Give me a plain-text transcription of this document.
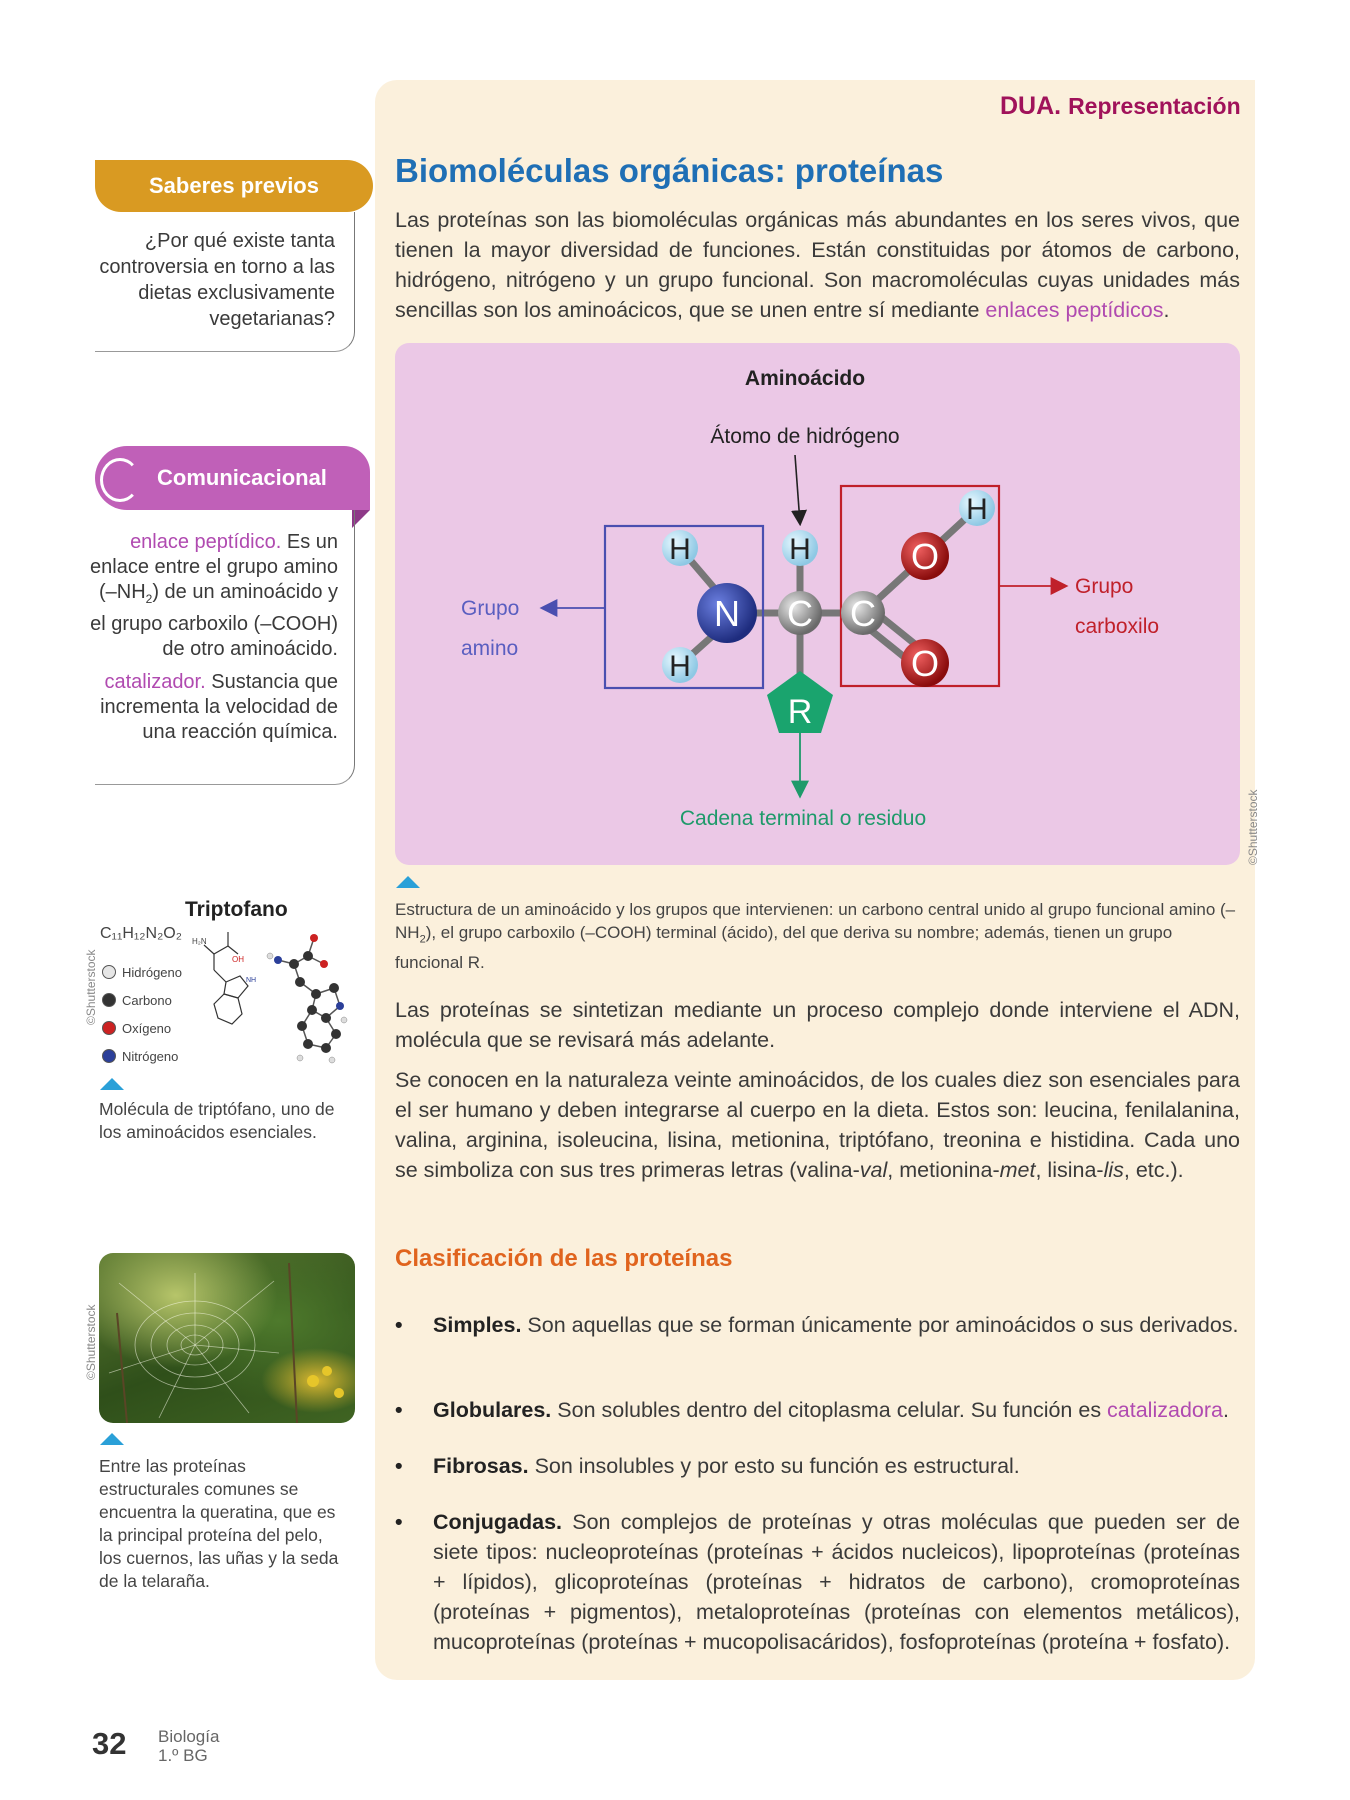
DUA. Representación
Saberes previos
¿Por qué existe tanta controversia en torno a las dietas exclusivamente vegetarianas?
Comunicacional

enlace peptídico. Es un enlace entre el grupo amino $(-NH_2)$ de un aminoácido y el grupo carboxilo (–COOH) de otro aminoácido.

catalizador. Sustancia que incrementa la velocidad de una reacción química.

Triptofano
C₁₁H₁₂N₂O₂
Hidrógeno
Carbono
Oxígeno
Nitrógeno
H₂N
OH
NH
©Shutterstock
Molécula de triptófano, uno de los aminoácidos esenciales.
©Shutterstock
Entre las proteínas estructurales comunes se encuentra la queratina, que es la principal proteína del pelo, los cuernos, las uñas y la seda de la telaraña.
Biomoléculas orgánicas: proteínas
Las proteínas son las biomoléculas orgánicas más abundantes en los seres vivos, que tienen la mayor diversidad de funciones. Están constituidas por átomos de carbono, hidrógeno, nitrógeno y un grupo funcional. Son macromoléculas cuyas unidades más sencillas son los aminoácicos, que se unen entre sí mediante enlaces peptídicos.
Aminoácido
Átomo de hidrógeno
H
H
N
H
C C
O
O
H
R
Grupo
amino
Grupo
carboxilo
Cadena terminal o residuo	©Shutterstock
Estructura de un aminoácido y los grupos que intervienen: un carbono central unido al grupo funcional amino $(-NH_2)$, el grupo carboxilo (–COOH) terminal (ácido), del que deriva su nombre; además, tienen un grupo funcional R.
Las proteínas se sintetizan mediante un proceso complejo donde interviene el ADN, molécula que se revisará más adelante.
Se conocen en la naturaleza veinte aminoácidos, de los cuales diez son esenciales para el ser humano y deben integrarse al cuerpo en la dieta. Estos son: leucina, fenilalanina, valina, arginina, isoleucina, lisina, metionina, triptófano, treonina e histidina. Cada uno se simboliza con sus tres primeras letras (valina-val, metionina-met, lisina-lis, etc.).
Clasificación de las proteínas
• Simples. Son aquellas que se forman únicamente por aminoácidos o sus derivados.
• Globulares. Son solubles dentro del citoplasma celular. Su función es catalizadora.
• Fibrosas. Son insolubles y por esto su función es estructural.
• Conjugadas. Son complejos de proteínas y otras moléculas que pueden ser de siete tipos: nucleoproteínas (proteínas + ácidos nucleicos), lipoproteínas (proteínas + lípidos), glicoproteínas (proteínas + hidratos de carbono), cromoproteínas (proteínas + pigmentos), metaloproteínas (proteínas con elementos metálicos), mucoproteínas (proteínas + mucopolisacáridos), fosfoproteínas (proteína + fosfato).
32 Biología
1.º BG
